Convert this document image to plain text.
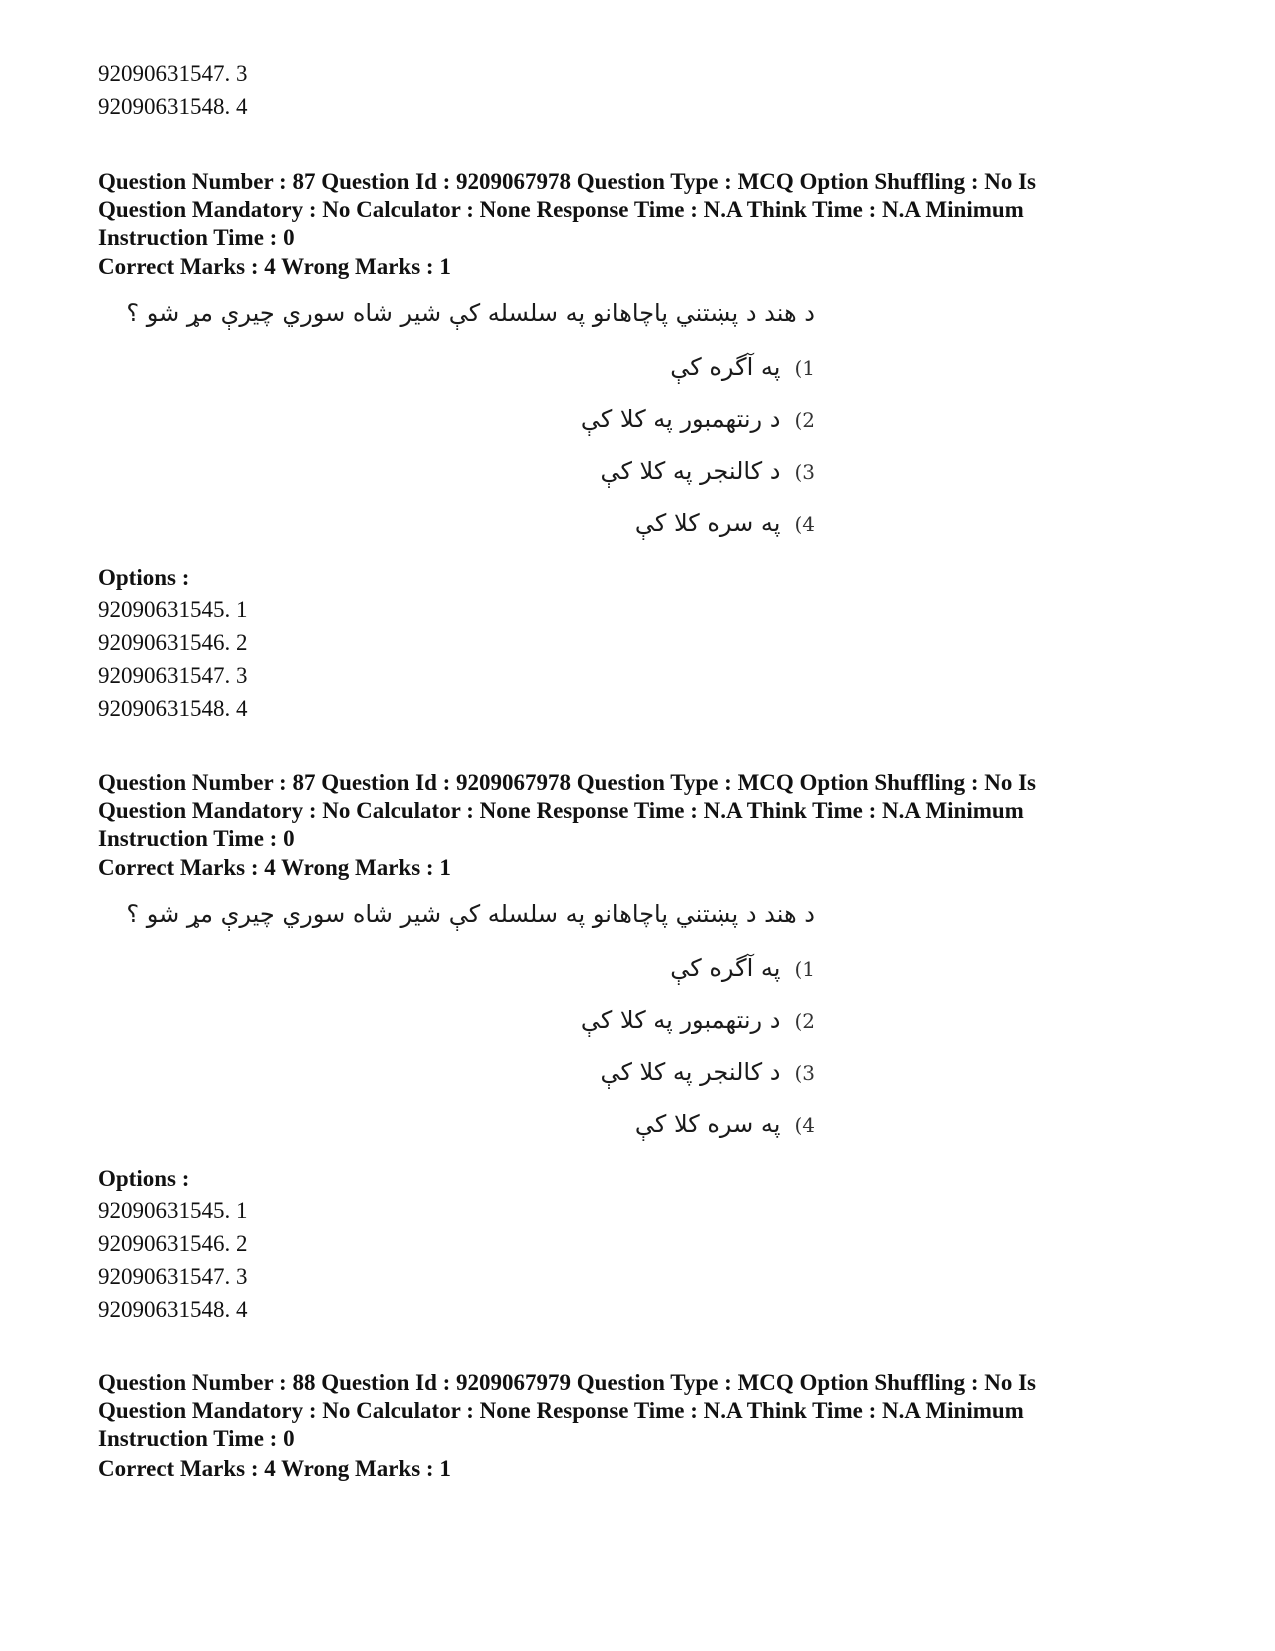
92090631547. 3
92090631548. 4
Question Number : 87 Question Id : 9209067978 Question Type : MCQ Option Shuffling : No Is
Question Mandatory : No Calculator : None Response Time : N.A Think Time : N.A Minimum
Instruction Time : 0
Correct Marks : 4 Wrong Marks : 1
د هند د پښتني پاچاهانو په سلسله کې شير شاه سوري چيرې مړ شو ؟
1)په آگره کې
2)د رنتهمبور په کلا کې
3)د کالنجر په کلا کې
4)په سره کلا کې
Options :
92090631545. 1
92090631546. 2
92090631547. 3
92090631548. 4
Question Number : 87 Question Id : 9209067978 Question Type : MCQ Option Shuffling : No Is
Question Mandatory : No Calculator : None Response Time : N.A Think Time : N.A Minimum
Instruction Time : 0
Correct Marks : 4 Wrong Marks : 1
د هند د پښتني پاچاهانو په سلسله کې شير شاه سوري چيرې مړ شو ؟
1)په آگره کې
2)د رنتهمبور په کلا کې
3)د کالنجر په کلا کې
4)په سره کلا کې
Options :
92090631545. 1
92090631546. 2
92090631547. 3
92090631548. 4
Question Number : 88 Question Id : 9209067979 Question Type : MCQ Option Shuffling : No Is
Question Mandatory : No Calculator : None Response Time : N.A Think Time : N.A Minimum
Instruction Time : 0
Correct Marks : 4 Wrong Marks : 1
